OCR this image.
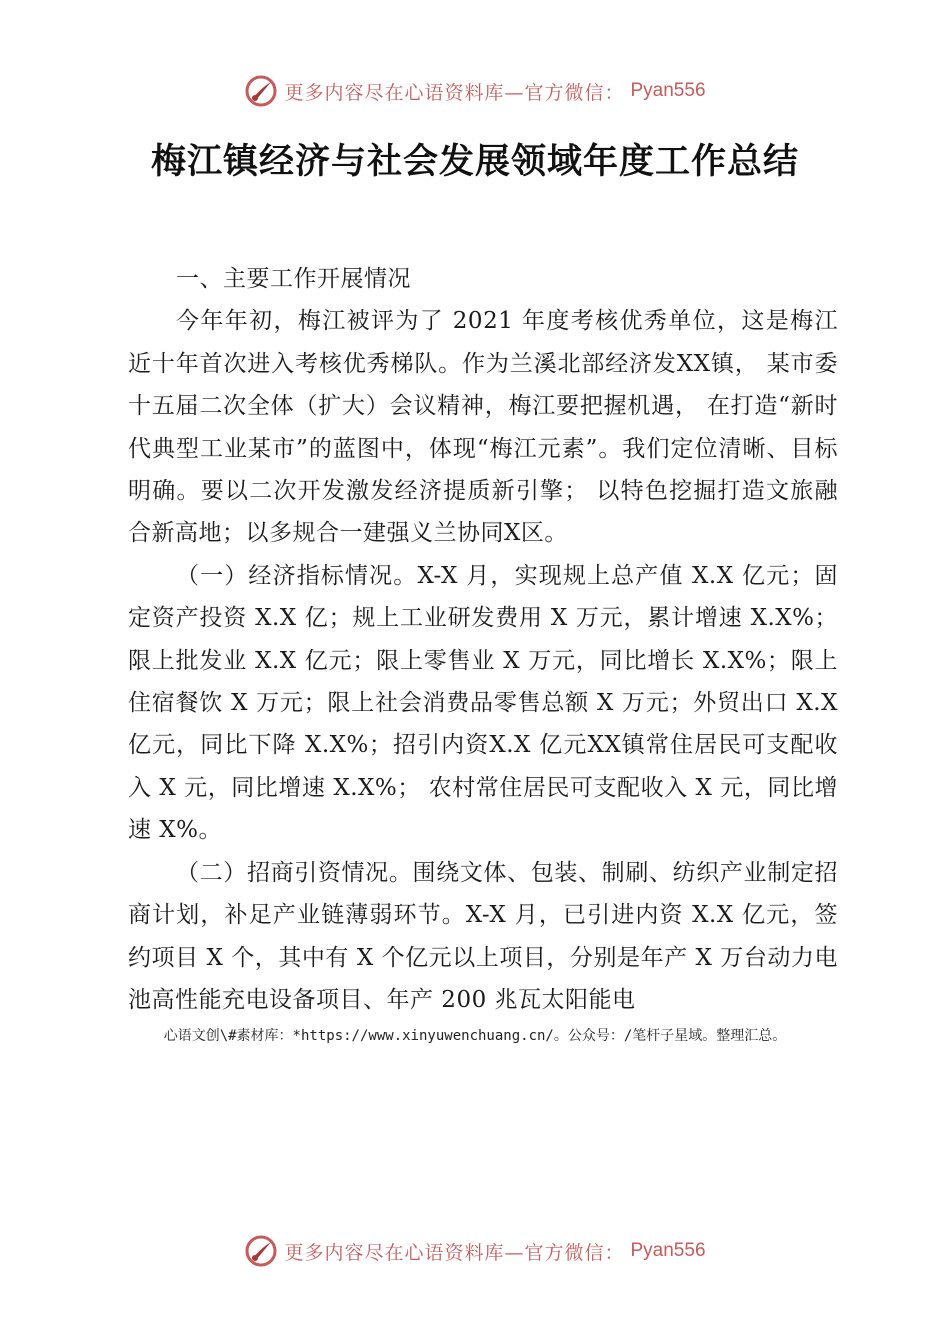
更多内容尽在心语资料库—官方微信： Pyan556
梅江镇经济与社会发展领域年度工作总结

一、主要工作开展情况

今年年初，梅江被评为了 2021 年度考核优秀单位，这是梅江近十年首次进入考核优秀梯队。作为兰溪北部经济发XX镇， 某市委十五届二次全体（扩大）会议精神，梅江要把握机遇， 在打造“新时代典型工业某市”的蓝图中，体现“梅江元素”。我们定位清晰、目标明确。要以二次开发激发经济提质新引擎； 以特色挖掘打造文旅融合新高地；以多规合一建强义兰协同X区。

（一）经济指标情况。X-X 月，实现规上总产值 X.X 亿元；固定资产投资 X.X 亿；规上工业研发费用 X 万元，累计增速 X.X%；限上批发业 X.X 亿元；限上零售业 X 万元，同比增长 X.X%；限上住宿餐饮 X 万元；限上社会消费品零售总额 X 万元；外贸出口 X.X 亿元，同比下降 X.X%；招引内资X.X 亿元XX镇常住居民可支配收入 X 元，同比增速 X.X%； 农村常住居民可支配收入 X 元，同比增速 X%。

（二）招商引资情况。围绕文体、包装、制刷、纺织产业制定招商计划，补足产业链薄弱环节。X-X 月，已引进内资 X.X 亿元，签约项目 X 个，其中有 X 个亿元以上项目，分别是年产 X 万台动力电池高性能充电设备项目、年产 200 兆瓦太阳能电

心语文创\#素材库：*https://www.xinyuwenchuang.cn/。公众号：/笔杆子星域。整理汇总。
更多内容尽在心语资料库—官方微信： Pyan556
